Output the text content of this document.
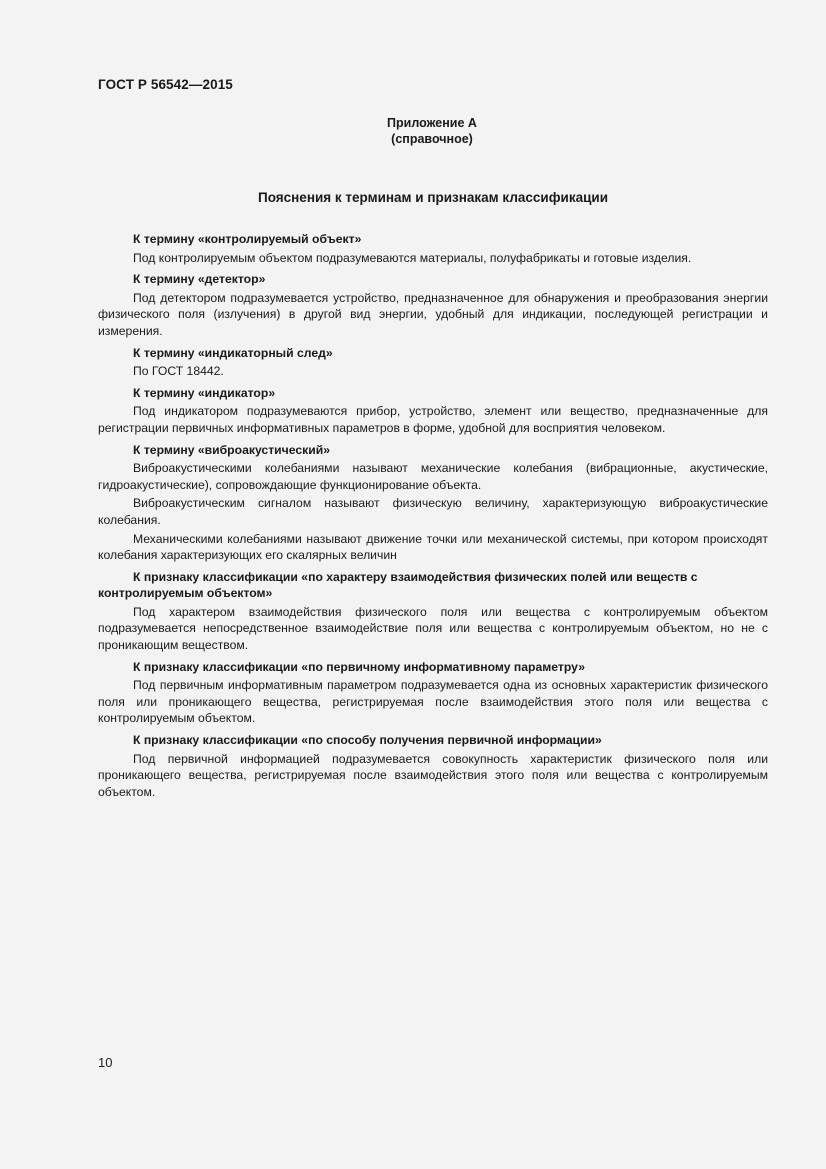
ГОСТ Р 56542—2015
Приложение А
(справочное)
Пояснения к терминам и признакам классификации
К термину «контролируемый объект»

Под контролируемым объектом подразумеваются материалы, полуфабрикаты и готовые изделия.

К термину «детектор»

Под детектором подразумевается устройство, предназначенное для обнаружения и преобразования энергии физического поля (излучения) в другой вид энергии, удобный для индикации, последующей регистрации и измерения.

К термину «индикаторный след»

По ГОСТ 18442.

К термину «индикатор»

Под индикатором подразумеваются прибор, устройство, элемент или вещество, предназначенные для регистрации первичных информативных параметров в форме, удобной для восприятия человеком.

К термину «виброакустический»

Виброакустическими колебаниями называют механические колебания (вибрационные, акустические, гидроакустические), сопровождающие функционирование объекта.

Виброакустическим сигналом называют физическую величину, характеризующую виброакустические колебания.

Механическими колебаниями называют движение точки или механической системы, при котором происходят колебания характеризующих его скалярных величин

К признаку классификации «по характеру взаимодействия физических полей или веществ с контролируемым объектом»

Под характером взаимодействия физического поля или вещества с контролируемым объектом подразумевается непосредственное взаимодействие поля или вещества с контролируемым объектом, но не с проникающим веществом.

К признаку классификации «по первичному информативному параметру»

Под первичным информативным параметром подразумевается одна из основных характеристик физического поля или проникающего вещества, регистрируемая после взаимодействия этого поля или вещества с контролируемым объектом.

К признаку классификации «по способу получения первичной информации»

Под первичной информацией подразумевается совокупность характеристик физического поля или проникающего вещества, регистрируемая после взаимодействия этого поля или вещества с контролируемым объектом.

10
